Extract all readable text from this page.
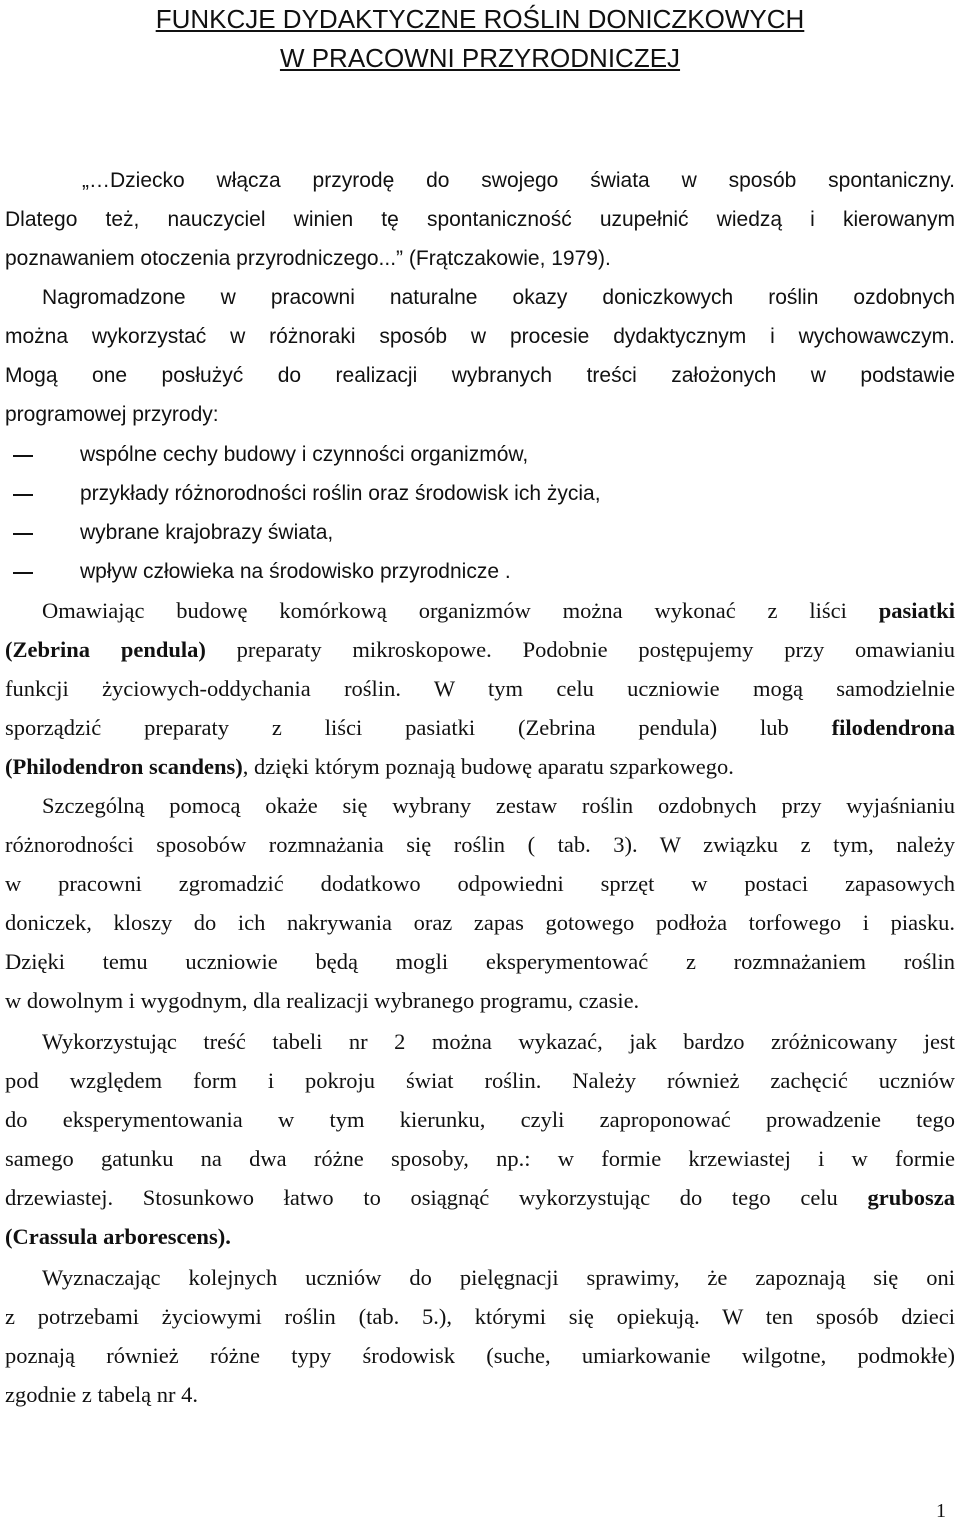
FUNKCJE DYDAKTYCZNE ROŚLIN DONICZKOWYCH
W PRACOWNI PRZYRODNICZEJ
„…Dziecko włącza przyrodę do swojego świata w sposób spontaniczny.
Dlatego też, nauczyciel winien tę spontaniczność uzupełnić wiedzą i kierowanym
poznawaniem otoczenia przyrodniczego...” (Frątczakowie, 1979).
Nagromadzone w pracowni naturalne okazy doniczkowych roślin ozdobnych
można wykorzystać w różnoraki sposób w procesie dydaktycznym i wychowawczym.
Mogą one posłużyć do realizacji wybranych treści założonych w podstawie
programowej przyrody:
wspólne cechy budowy i czynności organizmów,
przykłady różnorodności roślin oraz środowisk ich życia,
wybrane krajobrazy świata,
wpływ człowieka na środowisko przyrodnicze .
Omawiając budowę komórkową organizmów można wykonać z liści pasiatki
(Zebrina pendula) preparaty mikroskopowe. Podobnie postępujemy przy omawianiu
funkcji życiowych-oddychania roślin. W tym celu uczniowie mogą samodzielnie
sporządzić preparaty z liści pasiatki (Zebrina pendula) lub filodendrona
(Philodendron scandens), dzięki którym poznają budowę aparatu szparkowego.
Szczególną pomocą okaże się wybrany zestaw roślin ozdobnych przy wyjaśnianiu
różnorodności sposobów rozmnażania się roślin ( tab. 3). W związku z tym, należy
w pracowni zgromadzić dodatkowo odpowiedni sprzęt w postaci zapasowych
doniczek, kloszy do ich nakrywania oraz zapas gotowego podłoża torfowego i piasku.
Dzięki temu uczniowie będą mogli eksperymentować z rozmnażaniem roślin
w dowolnym i wygodnym, dla realizacji wybranego programu, czasie.
Wykorzystując treść tabeli nr 2 można wykazać, jak bardzo zróżnicowany jest
pod względem form i pokroju świat roślin. Należy również zachęcić uczniów
do eksperymentowania w tym kierunku, czyli zaproponować prowadzenie tego
samego gatunku na dwa różne sposoby, np.: w formie krzewiastej i w formie
drzewiastej. Stosunkowo łatwo to osiągnąć wykorzystując do tego celu grubosza
(Crassula arborescens).
Wyznaczając kolejnych uczniów do pielęgnacji sprawimy, że zapoznają się oni
z potrzebami życiowymi roślin (tab. 5.), którymi się opiekują. W ten sposób dzieci
poznają również różne typy środowisk (suche, umiarkowanie wilgotne, podmokłe)
zgodnie z tabelą nr 4.
1
